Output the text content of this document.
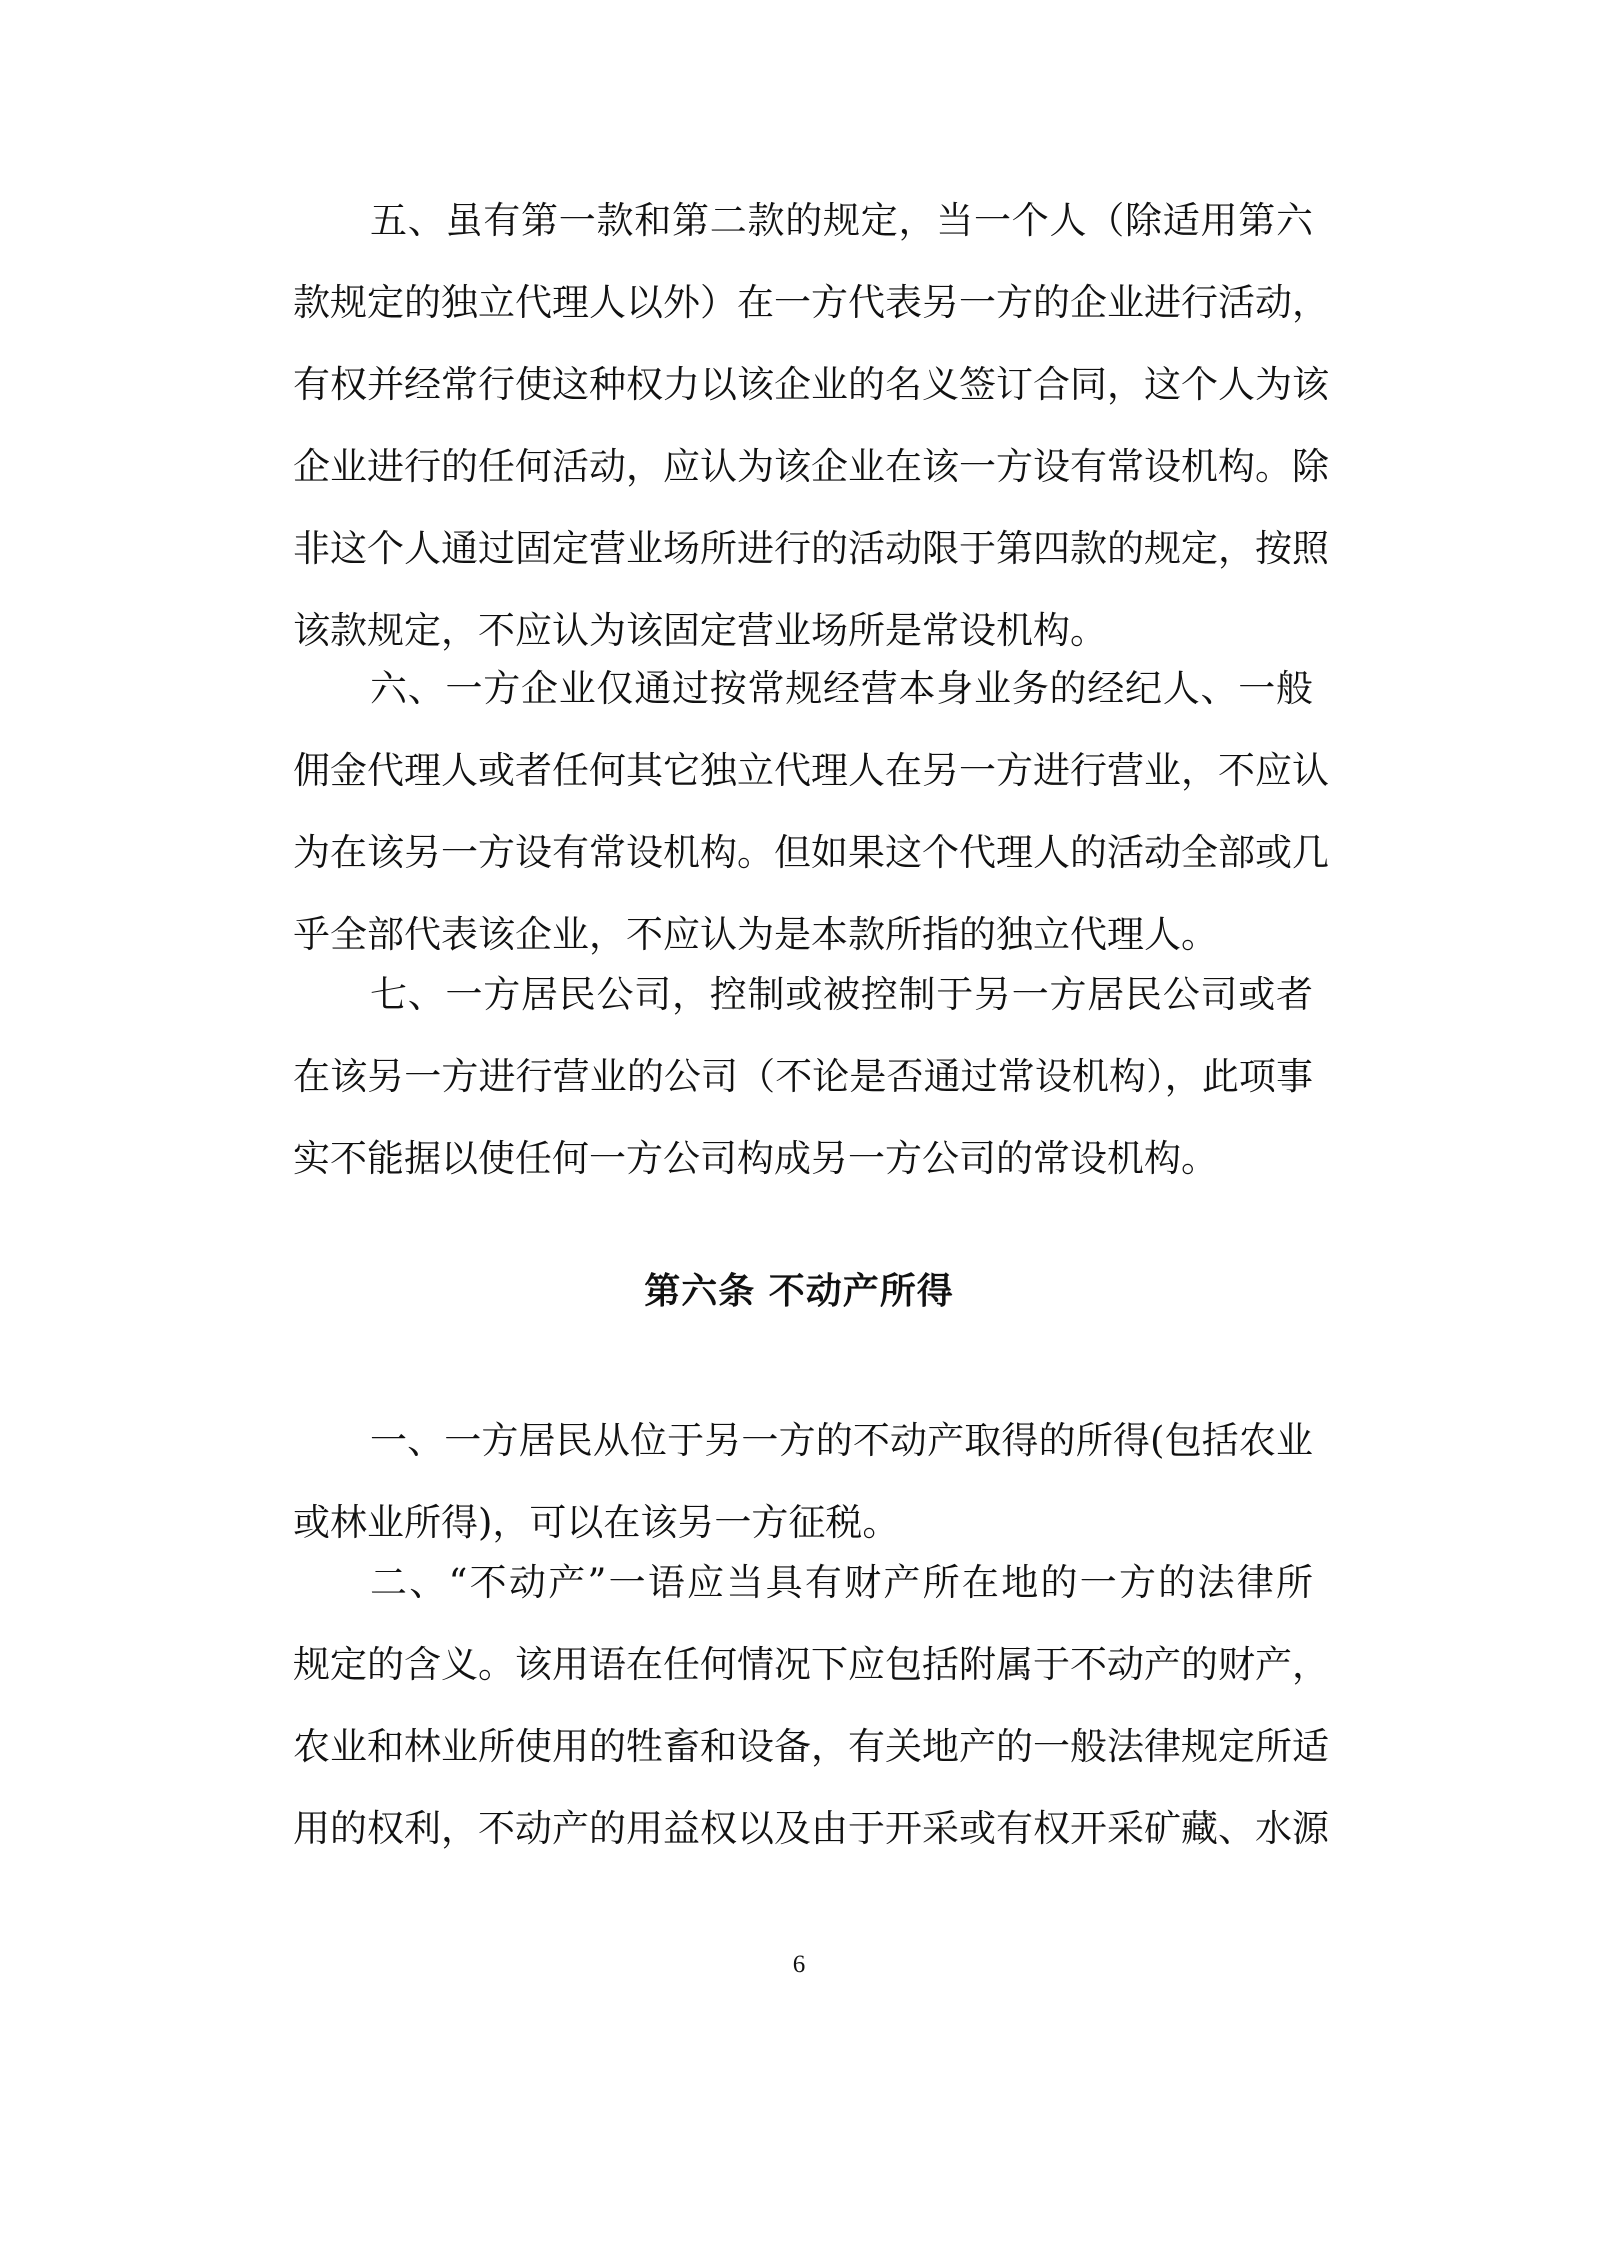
五、虽有第一款和第二款的规定，当一个人（除适用第六
款规定的独立代理人以外）在一方代表另一方的企业进行活动，
有权并经常行使这种权力以该企业的名义签订合同，这个人为该
企业进行的任何活动，应认为该企业在该一方设有常设机构。除
非这个人通过固定营业场所进行的活动限于第四款的规定，按照
该款规定，不应认为该固定营业场所是常设机构。
六、一方企业仅通过按常规经营本身业务的经纪人、一般
佣金代理人或者任何其它独立代理人在另一方进行营业，不应认
为在该另一方设有常设机构。但如果这个代理人的活动全部或几
乎全部代表该企业，不应认为是本款所指的独立代理人。
七、一方居民公司，控制或被控制于另一方居民公司或者
在该另一方进行营业的公司（不论是否通过常设机构），此项事
实不能据以使任何一方公司构成另一方公司的常设机构。
第六条 不动产所得
一、一方居民从位于另一方的不动产取得的所得(包括农业
或林业所得)，可以在该另一方征税。
二、“不动产”一语应当具有财产所在地的一方的法律所
规定的含义。该用语在任何情况下应包括附属于不动产的财产，
农业和林业所使用的牲畜和设备，有关地产的一般法律规定所适
用的权利，不动产的用益权以及由于开采或有权开采矿藏、水源
6
